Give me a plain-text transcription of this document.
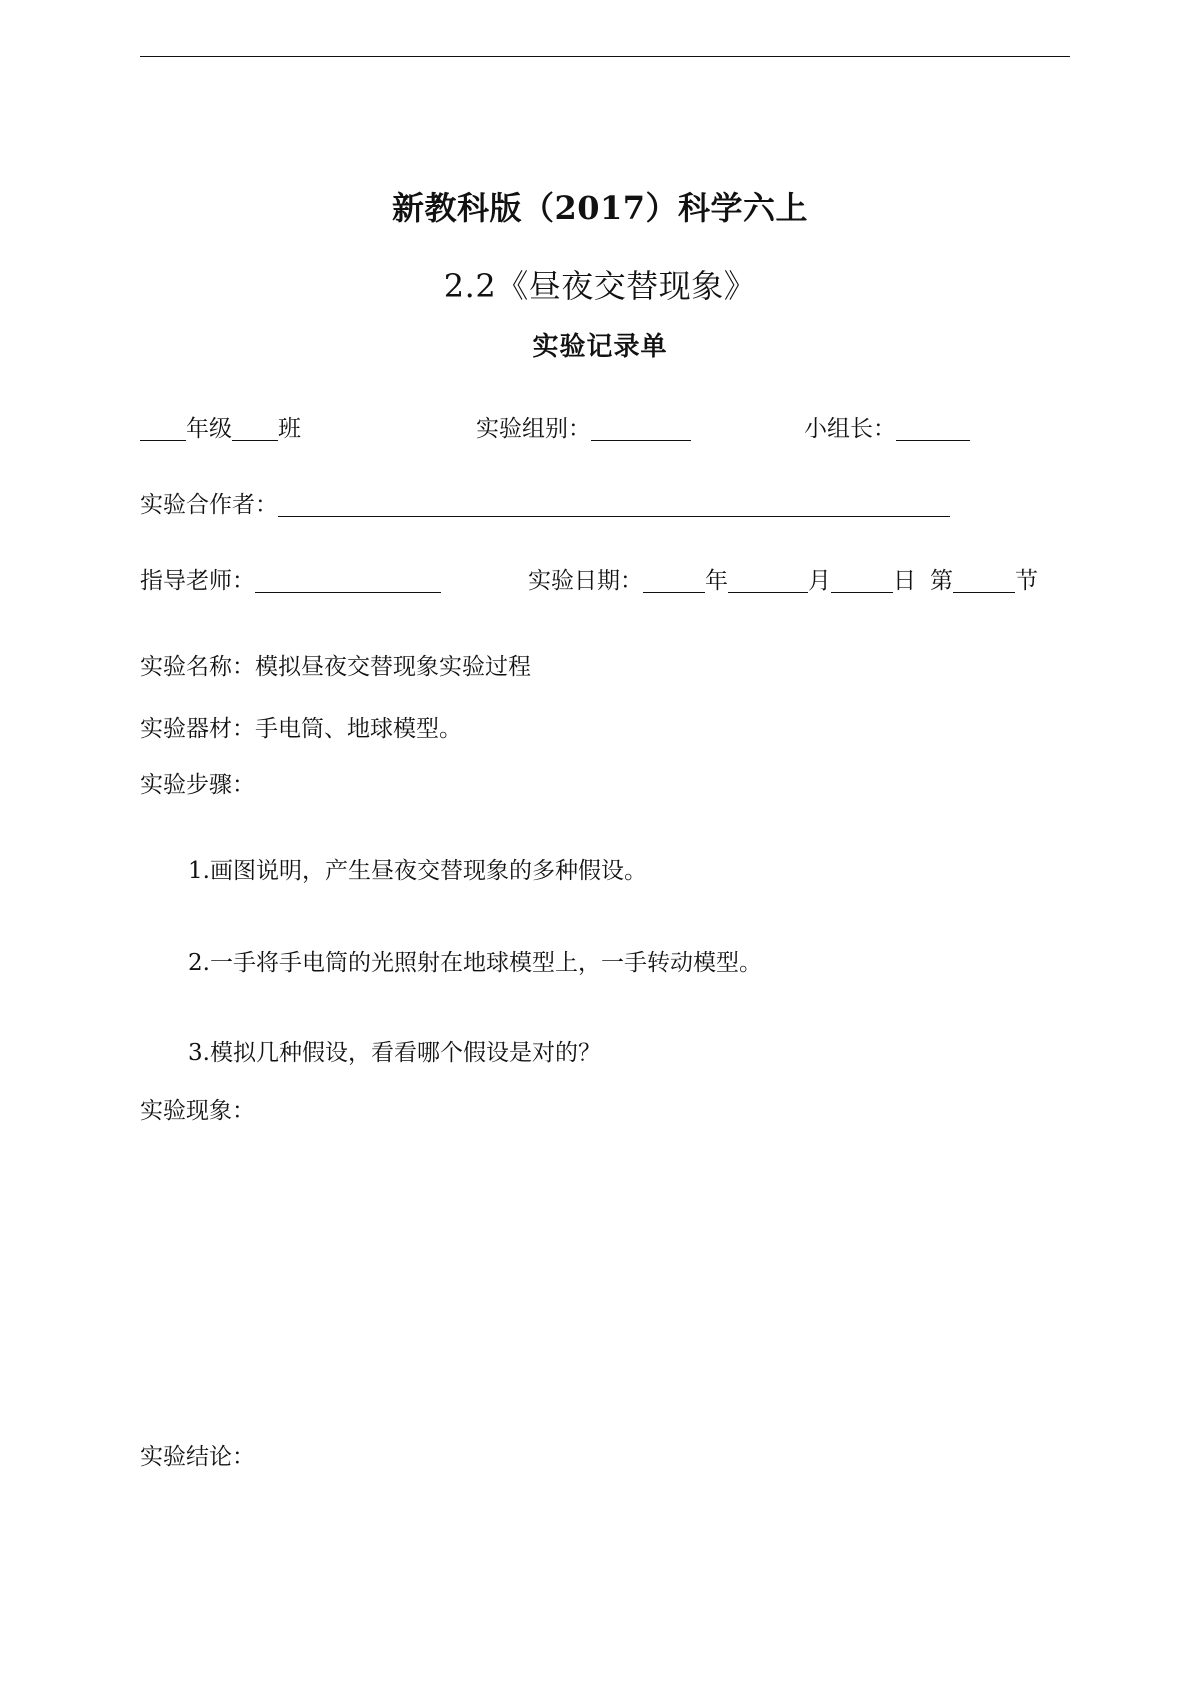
新教科版（2017）科学六上
2.2《昼夜交替现象》
实验记录单
年级 班	实验组别：	小组长：
实验合作者：
指导老师：	实验日期：	年	月	日 第	节
实验名称：模拟昼夜交替现象实验过程
实验器材：手电筒、地球模型。
实验步骤：
1.画图说明，产生昼夜交替现象的多种假设。
2.一手将手电筒的光照射在地球模型上，一手转动模型。
3.模拟几种假设，看看哪个假设是对的？
实验现象：
实验结论：
